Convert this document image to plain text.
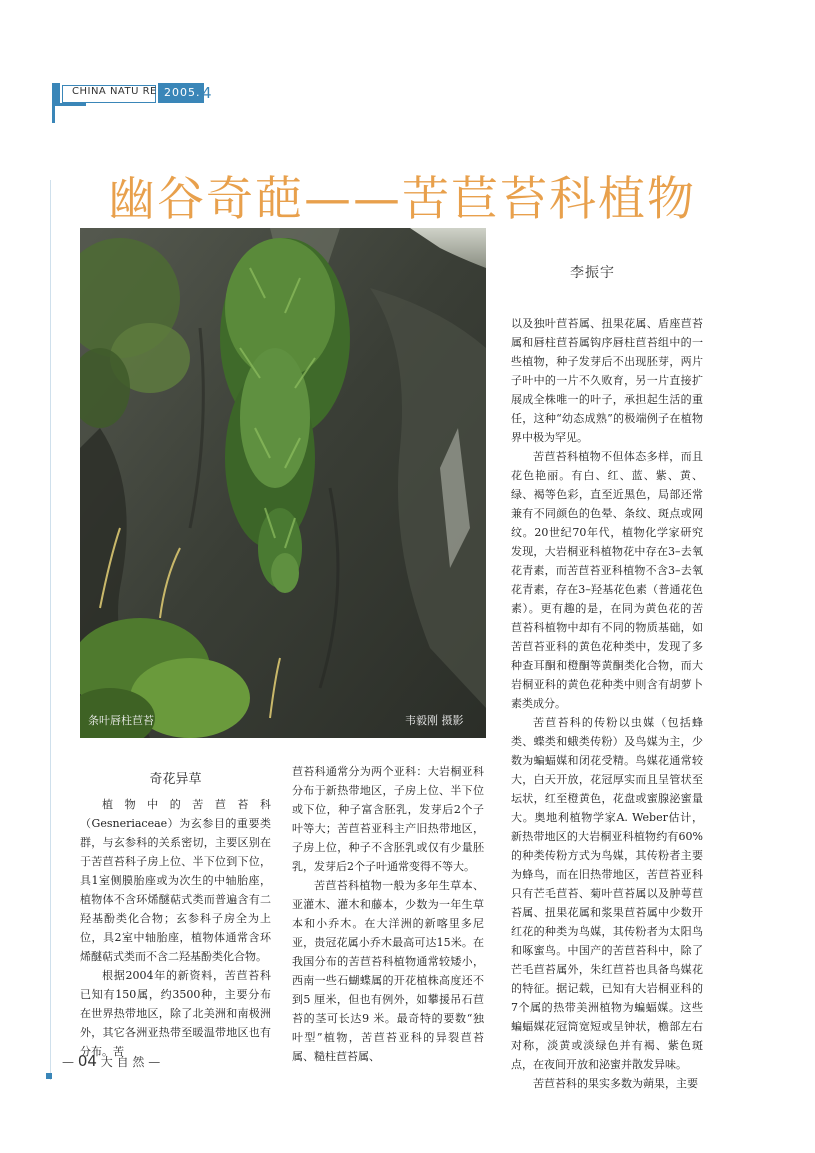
CHINA NATU RE 2005. 4
幽谷奇葩——苦苣苔科植物
条叶唇柱苣苔	韦毅刚 摄影
李振宇

以及独叶苣苔属、扭果花属、盾座苣苔属和唇柱苣苔属钩序唇柱苣苔组中的一些植物，种子发芽后不出现胚芽，两片子叶中的一片不久败育，另一片直接扩展成全株唯一的叶子，承担起生活的重任，这种“幼态成熟”的极端例子在植物界中极为罕见。

苦苣苔科植物不但体态多样，而且花色艳丽。有白、红、蓝、紫、黄、绿、褐等色彩，直至近黑色，局部还常兼有不同颜色的色晕、条纹、斑点或网纹。20世纪70年代，植物化学家研究发现，大岩桐亚科植物花中存在3–去氧花青素，而苦苣苔亚科植物不含3–去氧花青素，存在3–羟基花色素（普通花色素）。更有趣的是，在同为黄色花的苦苣苔科植物中却有不同的物质基础，如苦苣苔亚科的黄色花种类中，发现了多种查耳酮和橙酮等黄酮类化合物，而大岩桐亚科的黄色花种类中则含有胡萝卜素类成分。

苦苣苔科的传粉以虫媒（包括蜂类、蝶类和蛾类传粉）及鸟媒为主，少数为蝙蝠媒和闭花受精。鸟媒花通常较大，白天开放，花冠厚实而且呈管状至坛状，红至橙黄色，花盘或蜜腺泌蜜量大。奥地利植物学家A. Weber估计，新热带地区的大岩桐亚科植物约有60%的种类传粉方式为鸟媒，其传粉者主要为蜂鸟，而在旧热带地区，苦苣苔亚科只有芒毛苣苔、菊叶苣苔属以及肿萼苣苔属、扭果花属和浆果苣苔属中少数开红花的种类为鸟媒，其传粉者为太阳鸟和啄蜜鸟。中国产的苦苣苔科中，除了芒毛苣苔属外，朱红苣苔也具备鸟媒花的特征。据记载，已知有大岩桐亚科的7个属的热带美洲植物为蝙蝠媒。这些蝙蝠媒花冠筒宽短或呈钟状，檐部左右对称，淡黄或淡绿色并有褐、紫色斑点，在夜间开放和泌蜜并散发异味。

苦苣苔科的果实多数为蒴果，主要

奇花异草

植物中的苦苣苔科（Gesneriaceae）为玄参目的重要类群，与玄参科的关系密切，主要区别在于苦苣苔科子房上位、半下位到下位，具1室侧膜胎座或为次生的中轴胎座，植物体不含环烯醚萜式类而普遍含有二羟基酚类化合物；玄参科子房全为上位，具2室中轴胎座，植物体通常含环烯醚萜式类而不含二羟基酚类化合物。

根据2004年的新资料，苦苣苔科已知有150属，约3500种，主要分布在世界热带地区，除了北美洲和南极洲外，其它各洲亚热带至暖温带地区也有分布。苦

苣苔科通常分为两个亚科：大岩桐亚科分布于新热带地区，子房上位、半下位或下位，种子富含胚乳，发芽后2个子叶等大；苦苣苔亚科主产旧热带地区，子房上位，种子不含胚乳或仅有少量胚乳，发芽后2个子叶通常变得不等大。

苦苣苔科植物一般为多年生草本、亚灌木、灌木和藤本，少数为一年生草本和小乔木。在大洋洲的新喀里多尼亚，贵冠花属小乔木最高可达15米。在我国分布的苦苣苔科植物通常较矮小，西南一些石蝴蝶属的开花植株高度还不到5 厘米，但也有例外，如攀援吊石苣苔的茎可长达9 米。最奇特的要数“独叶型”植物，苦苣苔亚科的异裂苣苔属、糙柱苣苔属、

— 04 大 自 然 —
